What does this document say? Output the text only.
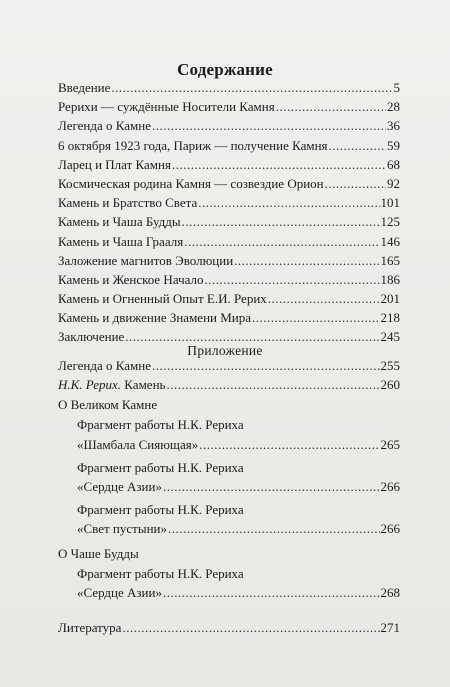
Содержание
Введение .....	5
Рерихи — суждённые Носители Камня .....	28
Легенда о Камне .....	36
6 октября 1923 года, Париж — получение Камня .....	59
Ларец и Плат Камня .....	68
Космическая родина Камня — созвездие Орион .....	92
Камень и Братство Света .....	101
Камень и Чаша Будды .....	125
Камень и Чаша Грааля .....	146
Заложение магнитов Эволюции .....	165
Камень и Женское Начало .....	186
Камень и Огненный Опыт Е.И. Рерих .....	201
Камень и движение Знамени Мира .....	218
Заключение .....	245
Приложение
Легенда о Камне .....	255
Н.К. Рерих. Камень .....	260
О Великом Камне
Фрагмент работы Н.К. Рериха
«Шамбала Сияющая» .....	265
Фрагмент работы Н.К. Рериха
«Сердце Азии» .....	266
Фрагмент работы Н.К. Рериха
«Свет пустыни» .....	266
О Чаше Будды
Фрагмент работы Н.К. Рериха
«Сердце Азии» .....	268
Литература .....	271
